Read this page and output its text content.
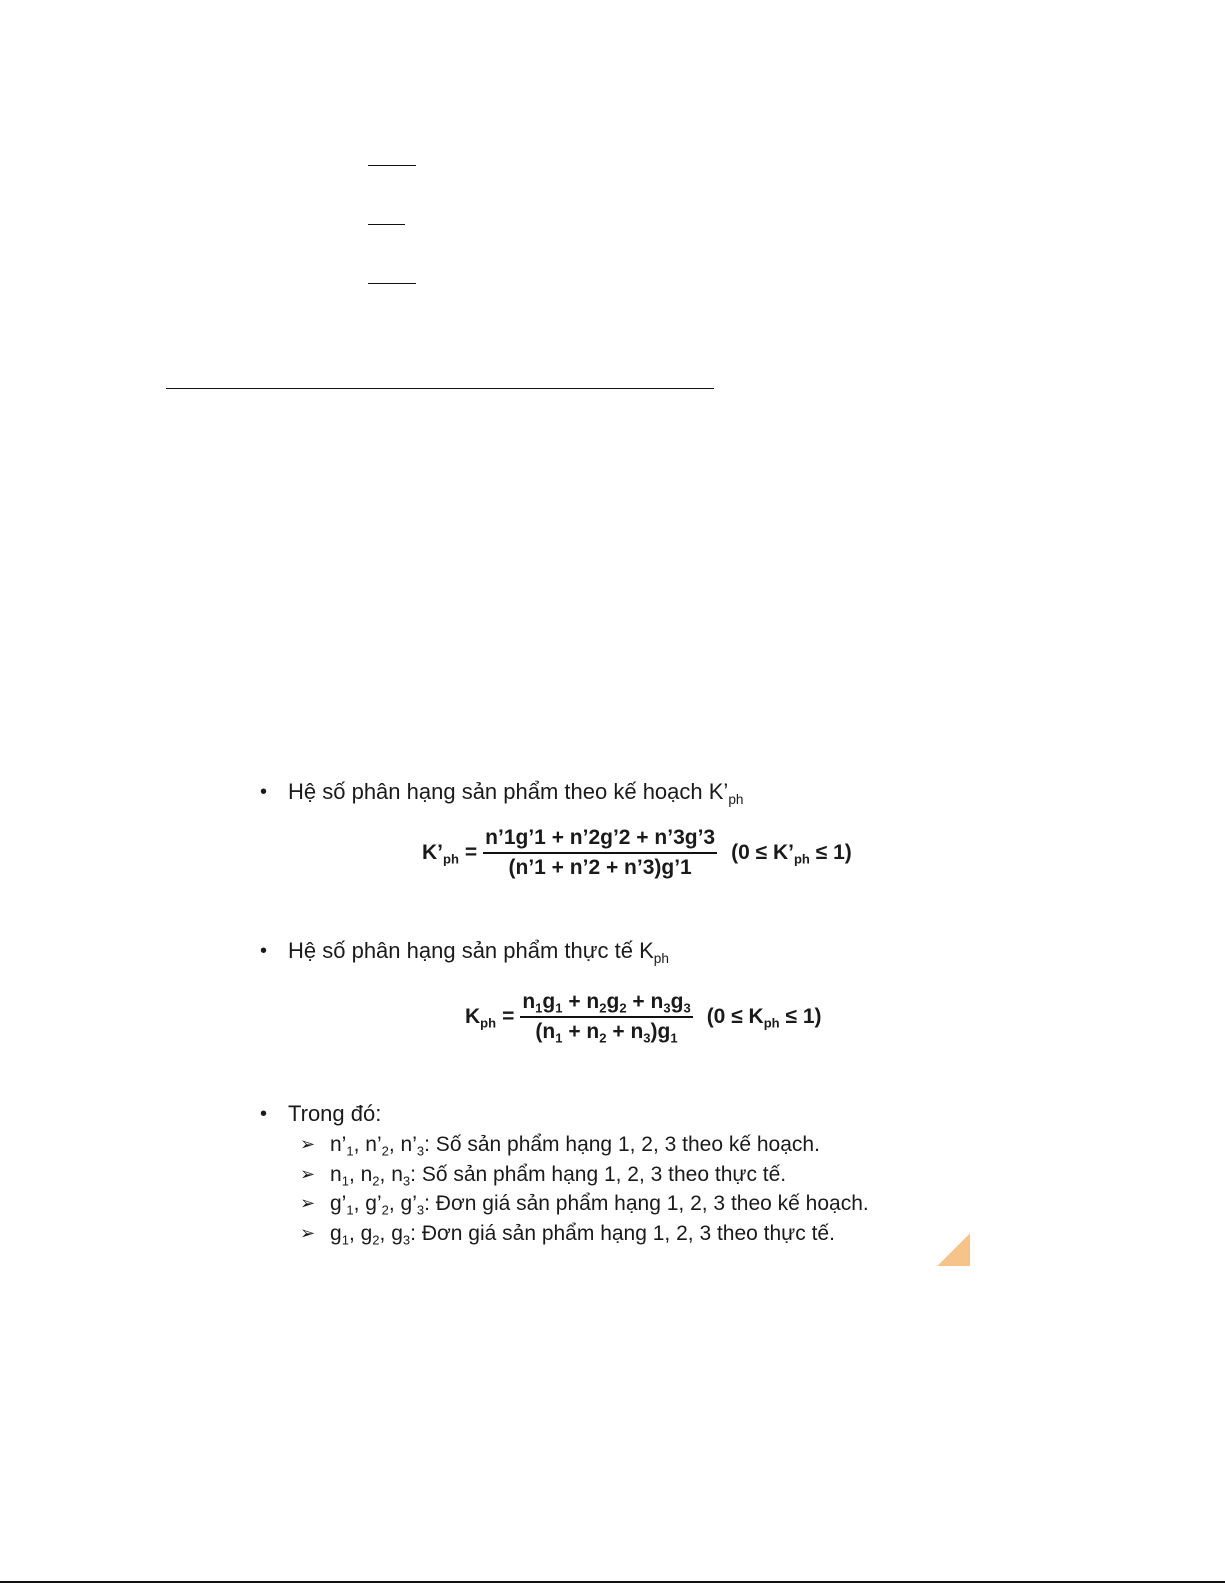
• Hệ số phân hạng sản phẩm theo kế hoạch $K’_{ph}$
$K’_{ph} = \frac{n’1g’1 + n’2g’2 + n’3g’3}{(n’1 + n’2 + n’3)g’1} (0$ ≤ $K’_{ph} \le 1$)
• Hệ số phân hạng sản phẩm thực tế $K_{ph}$
$K_{ph} = \frac{n_1g_1 + n_2g_2 + n_3g_3}{(n_1 + n_2 + n_3)g_1} (0 \le K_{ph} \le 1)$
• Trong đó:
➢ $n’_1$, $n’_2$, $n’_3$: Số sản phẩm hạng 1, 2, 3 theo kế hoạch.
➢ $n_1$, $n_2$, $n_3$: Số sản phẩm hạng 1, 2, 3 theo thực tế.
➢ $g’_1$, $g’_2$, $g’_3$: Đơn giá sản phẩm hạng 1, 2, 3 theo kế hoạch.
➢ $g_1$, $g_2$, $g_3$: Đơn giá sản phẩm hạng 1, 2, 3 theo thực tế.
